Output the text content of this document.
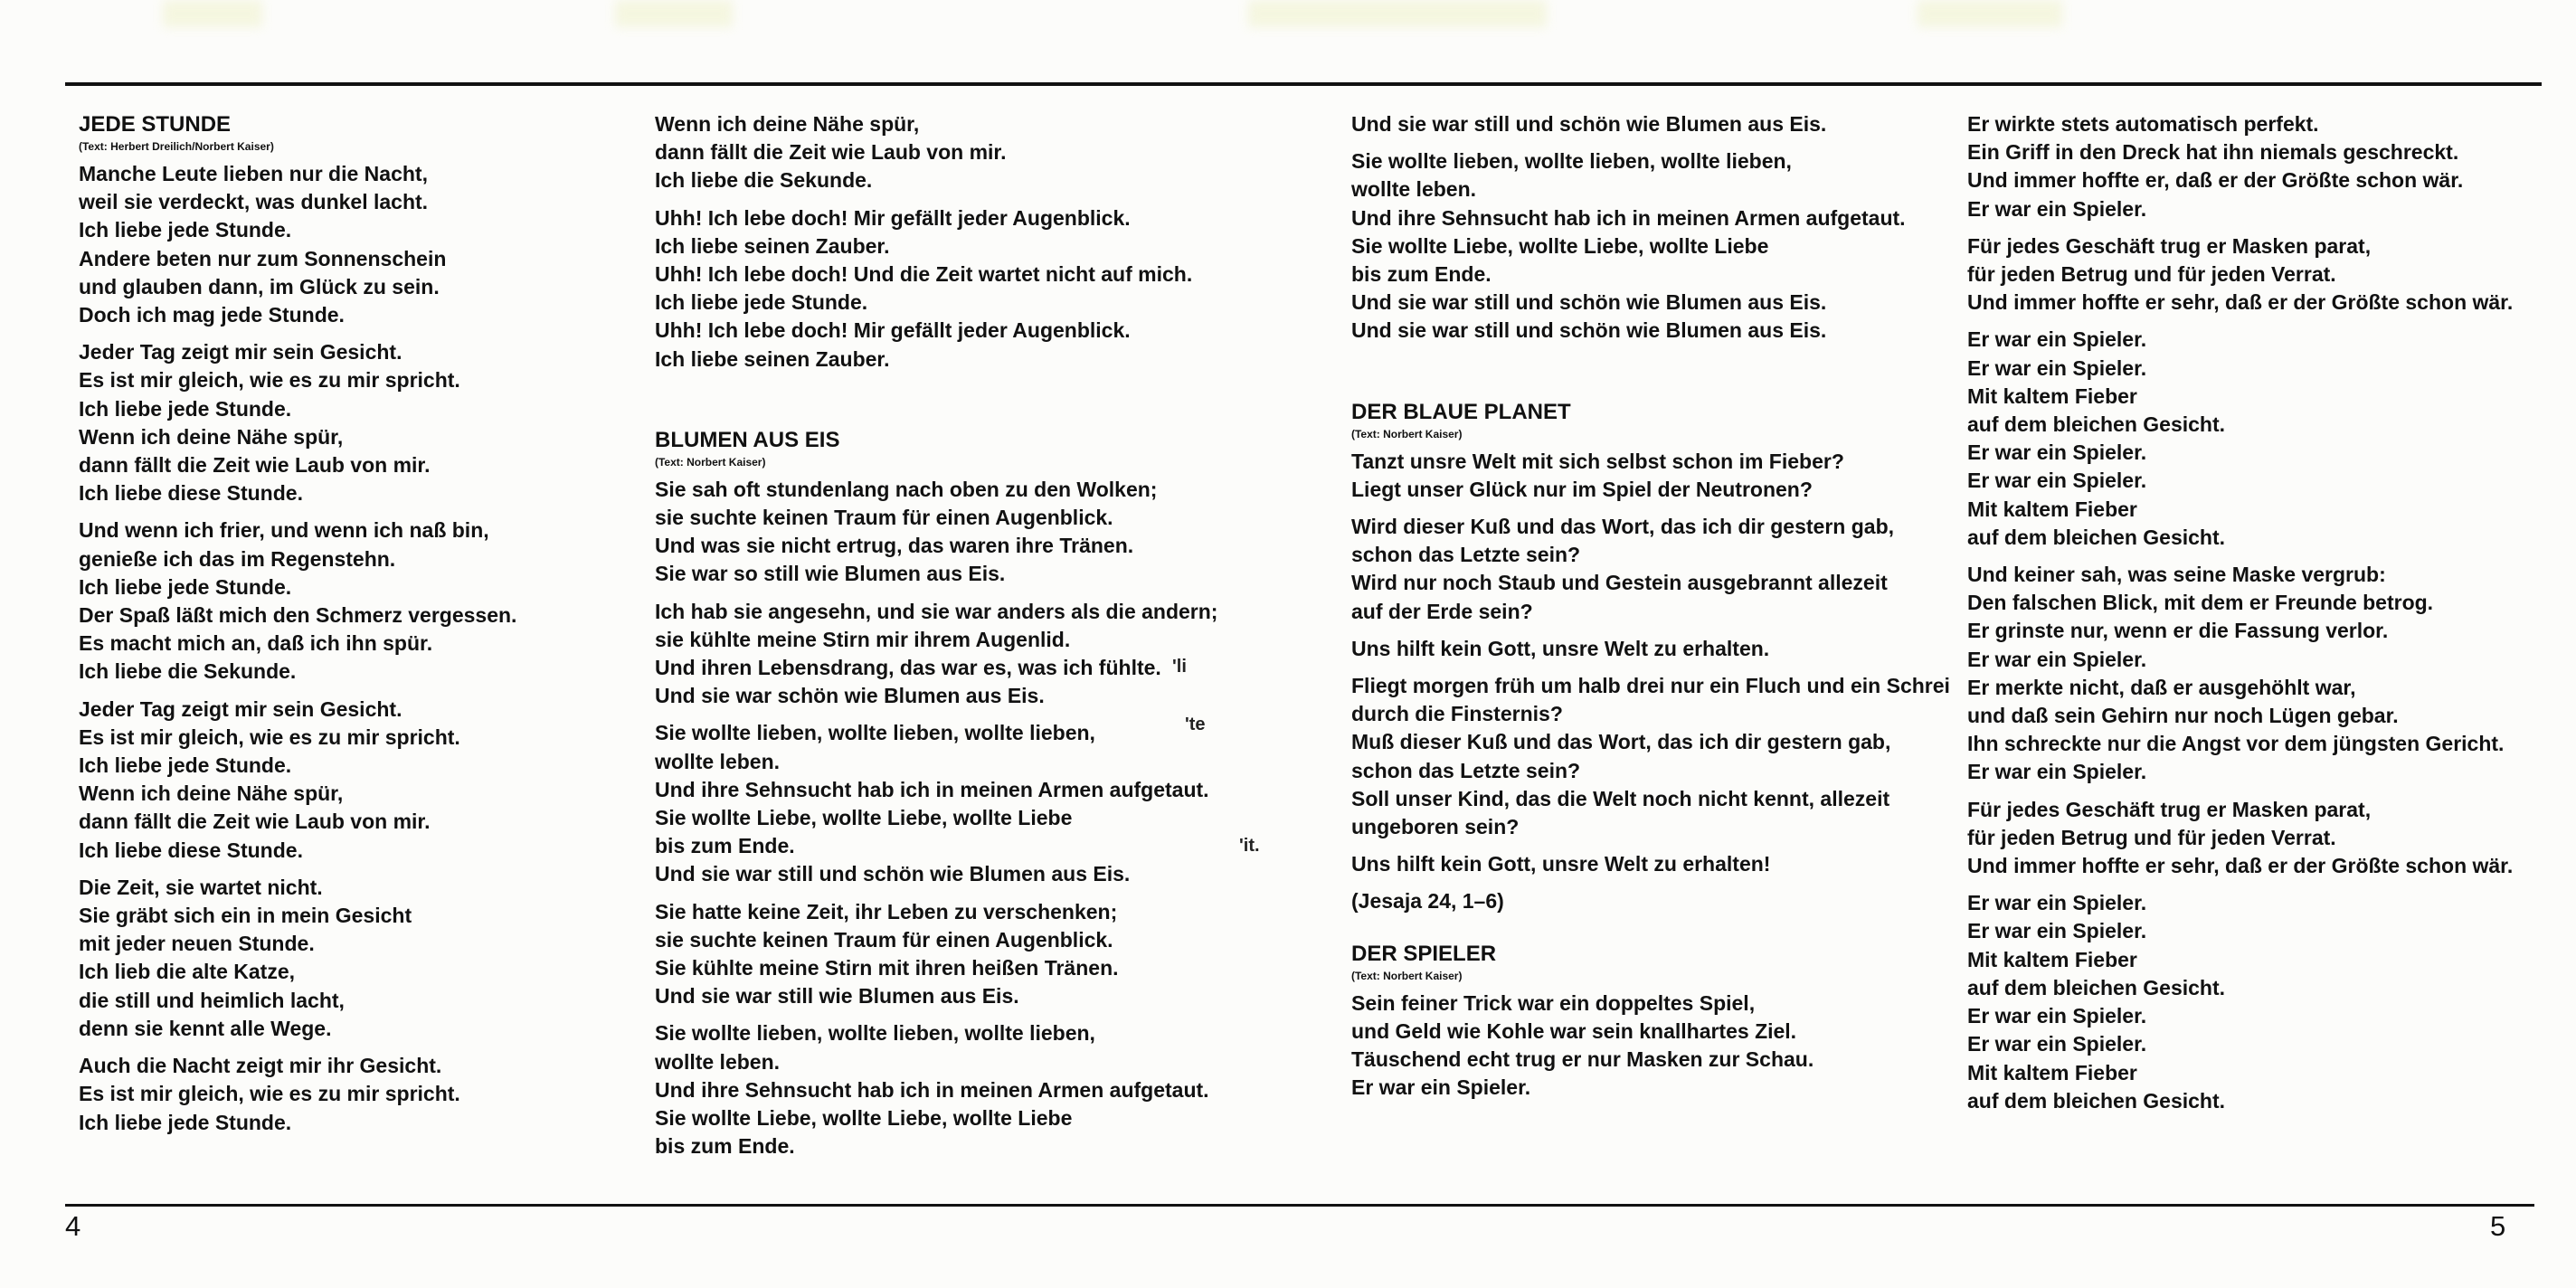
JEDE STUNDE
(Text: Herbert Dreilich/Norbert Kaiser)
Manche Leute lieben nur die Nacht,
weil sie verdeckt, was dunkel lacht.
Ich liebe jede Stunde.
Andere beten nur zum Sonnenschein
und glauben dann, im Glück zu sein.
Doch ich mag jede Stunde.
Jeder Tag zeigt mir sein Gesicht.
Es ist mir gleich, wie es zu mir spricht.
Ich liebe jede Stunde.
Wenn ich deine Nähe spür,
dann fällt die Zeit wie Laub von mir.
Ich liebe diese Stunde.
Und wenn ich frier, und wenn ich naß bin,
genieße ich das im Regenstehn.
Ich liebe jede Stunde.
Der Spaß läßt mich den Schmerz vergessen.
Es macht mich an, daß ich ihn spür.
Ich liebe die Sekunde.
Jeder Tag zeigt mir sein Gesicht.
Es ist mir gleich, wie es zu mir spricht.
Ich liebe jede Stunde.
Wenn ich deine Nähe spür,
dann fällt die Zeit wie Laub von mir.
Ich liebe diese Stunde.
Die Zeit, sie wartet nicht.
Sie gräbt sich ein in mein Gesicht
mit jeder neuen Stunde.
Ich lieb die alte Katze,
die still und heimlich lacht,
denn sie kennt alle Wege.
Auch die Nacht zeigt mir ihr Gesicht.
Es ist mir gleich, wie es zu mir spricht.
Ich liebe jede Stunde.
Wenn ich deine Nähe spür,
dann fällt die Zeit wie Laub von mir.
Ich liebe die Sekunde.
Uhh! Ich lebe doch! Mir gefällt jeder Augenblick.
Ich liebe seinen Zauber.
Uhh! Ich lebe doch! Und die Zeit wartet nicht auf mich.
Ich liebe jede Stunde.
Uhh! Ich lebe doch! Mir gefällt jeder Augenblick.
Ich liebe seinen Zauber.
BLUMEN AUS EIS
(Text: Norbert Kaiser)
Sie sah oft stundenlang nach oben zu den Wolken;
sie suchte keinen Traum für einen Augenblick.
Und was sie nicht ertrug, das waren ihre Tränen.
Sie war so still wie Blumen aus Eis.
Ich hab sie angesehn, und sie war anders als die andern;
sie kühlte meine Stirn mir ihrem Augenlid.
Und ihren Lebensdrang, das war es, was ich fühlte.
Und sie war schön wie Blumen aus Eis.
Sie wollte lieben, wollte lieben, wollte lieben,
wollte leben.
Und ihre Sehnsucht hab ich in meinen Armen aufgetaut.
Sie wollte Liebe, wollte Liebe, wollte Liebe
bis zum Ende.
Und sie war still und schön wie Blumen aus Eis.
Sie hatte keine Zeit, ihr Leben zu verschenken;
sie suchte keinen Traum für einen Augenblick.
Sie kühlte meine Stirn mit ihren heißen Tränen.
Und sie war still wie Blumen aus Eis.
Sie wollte lieben, wollte lieben, wollte lieben,
wollte leben.
Und ihre Sehnsucht hab ich in meinen Armen aufgetaut.
Sie wollte Liebe, wollte Liebe, wollte Liebe
bis zum Ende.
Und sie war still und schön wie Blumen aus Eis.
Sie wollte lieben, wollte lieben, wollte lieben,
wollte leben.
Und ihre Sehnsucht hab ich in meinen Armen aufgetaut.
Sie wollte Liebe, wollte Liebe, wollte Liebe
bis zum Ende.
Und sie war still und schön wie Blumen aus Eis.
Und sie war still und schön wie Blumen aus Eis.
DER BLAUE PLANET
(Text: Norbert Kaiser)
Tanzt unsre Welt mit sich selbst schon im Fieber?
Liegt unser Glück nur im Spiel der Neutronen?
Wird dieser Kuß und das Wort, das ich dir gestern gab,
schon das Letzte sein?
Wird nur noch Staub und Gestein ausgebrannt allezeit
auf der Erde sein?
Uns hilft kein Gott, unsre Welt zu erhalten.
Fliegt morgen früh um halb drei nur ein Fluch und ein Schrei
durch die Finsternis?
Muß dieser Kuß und das Wort, das ich dir gestern gab,
schon das Letzte sein?
Soll unser Kind, das die Welt noch nicht kennt, allezeit
ungeboren sein?
Uns hilft kein Gott, unsre Welt zu erhalten!
(Jesaja 24, 1–6)
DER SPIELER
(Text: Norbert Kaiser)
Sein feiner Trick war ein doppeltes Spiel,
und Geld wie Kohle war sein knallhartes Ziel.
Täuschend echt trug er nur Masken zur Schau.
Er war ein Spieler.
Er wirkte stets automatisch perfekt.
Ein Griff in den Dreck hat ihn niemals geschreckt.
Und immer hoffte er, daß er der Größte schon wär.
Er war ein Spieler.
Für jedes Geschäft trug er Masken parat,
für jeden Betrug und für jeden Verrat.
Und immer hoffte er sehr, daß er der Größte schon wär.
Er war ein Spieler.
Er war ein Spieler.
Mit kaltem Fieber
auf dem bleichen Gesicht.
Er war ein Spieler.
Er war ein Spieler.
Mit kaltem Fieber
auf dem bleichen Gesicht.
Und keiner sah, was seine Maske vergrub:
Den falschen Blick, mit dem er Freunde betrog.
Er grinste nur, wenn er die Fassung verlor.
Er war ein Spieler.
Er merkte nicht, daß er ausgehöhlt war,
und daß sein Gehirn nur noch Lügen gebar.
Ihn schreckte nur die Angst vor dem jüngsten Gericht.
Er war ein Spieler.
Für jedes Geschäft trug er Masken parat,
für jeden Betrug und für jeden Verrat.
Und immer hoffte er sehr, daß er der Größte schon wär.
Er war ein Spieler.
Er war ein Spieler.
Mit kaltem Fieber
auf dem bleichen Gesicht.
Er war ein Spieler.
Er war ein Spieler.
Mit kaltem Fieber
auf dem bleichen Gesicht.
'li
'te
'it.
4	5
